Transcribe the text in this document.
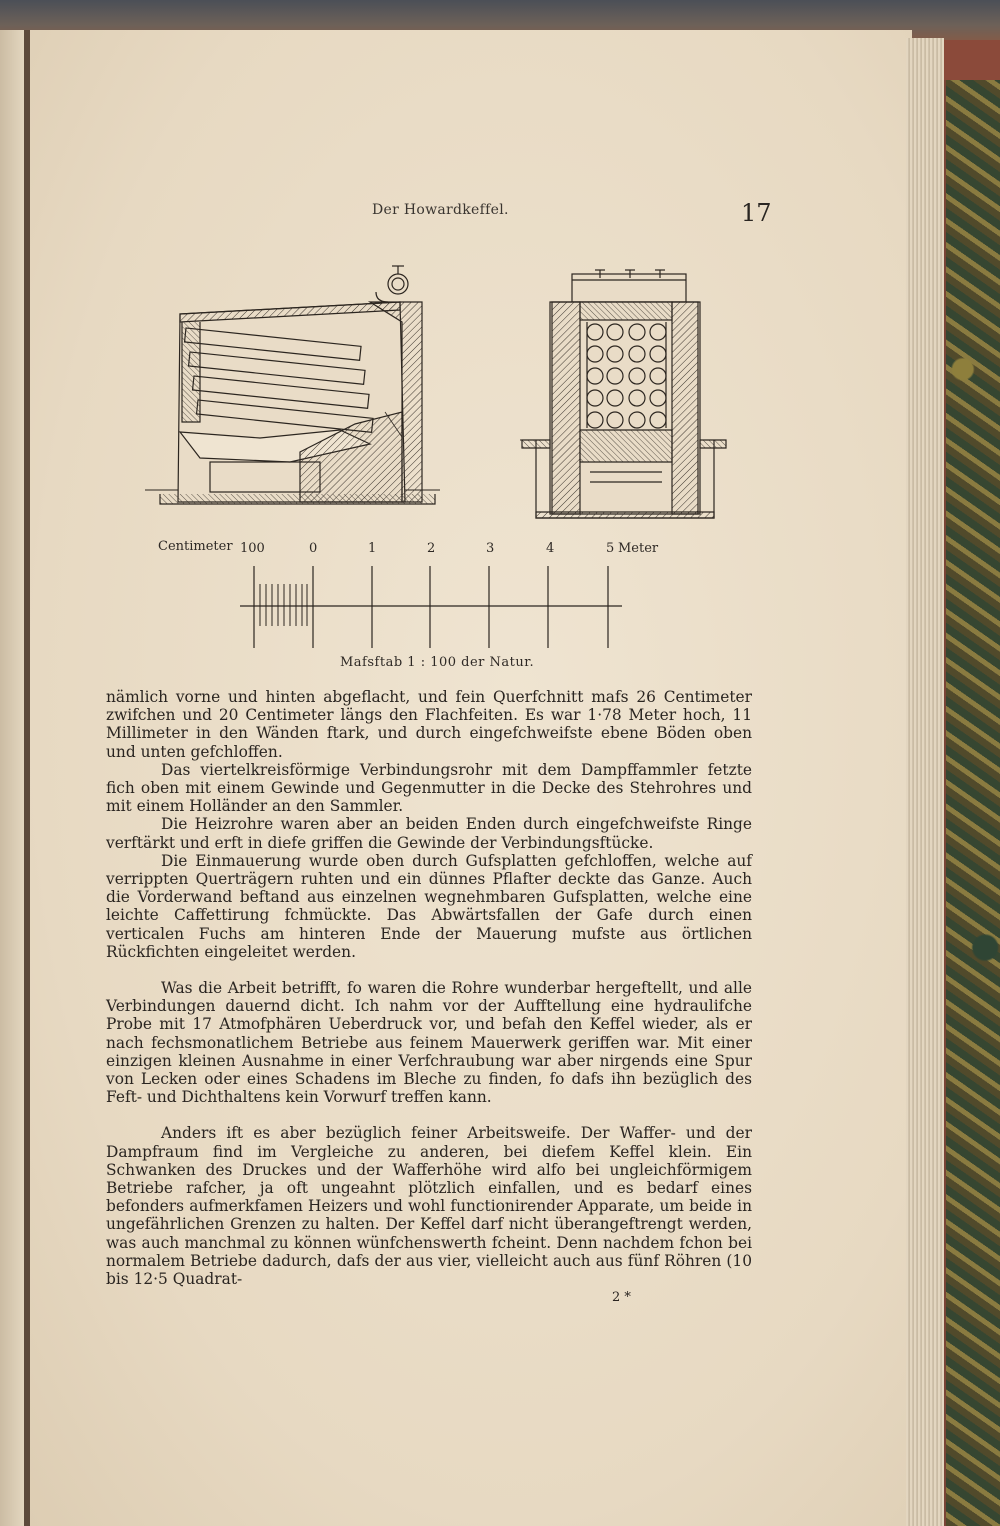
Der Howardkeffel.	17
Centimeter 100	0	1	2	3	4	5 Meter
Mafsftab 1 : 100 der Natur.

nämlich vorne und hinten abgeflacht, und fein Querfchnitt mafs 26 Centimeter zwifchen und 20 Centimeter längs den Flachfeiten. Es war 1·78 Meter hoch, 11 Millimeter in den Wänden ftark, und durch eingefchweifste ebene Böden oben und unten gefchloffen.

Das viertelkreisförmige Verbindungsrohr mit dem Dampffammler fetzte fich oben mit einem Gewinde und Gegenmutter in die Decke des Stehrohres und mit einem Holländer an den Sammler.

Die Heizrohre waren aber an beiden Enden durch eingefchweifste Ringe verftärkt und erft in diefe griffen die Gewinde der Verbindungsftücke.

Die Einmauerung wurde oben durch Gufsplatten gefchloffen, welche auf verrippten Querträgern ruhten und ein dünnes Pflafter deckte das Ganze. Auch die Vorderwand beftand aus einzelnen wegnehmbaren Gufsplatten, welche eine leichte Caffettirung fchmückte. Das Abwärtsfallen der Gafe durch einen verticalen Fuchs am hinteren Ende der Mauerung mufste aus örtlichen Rückfichten eingeleitet werden.

Was die Arbeit betrifft, fo waren die Rohre wunderbar hergeftellt, und alle Verbindungen dauernd dicht. Ich nahm vor der Aufftellung eine hydraulifche Probe mit 17 Atmofphären Ueberdruck vor, und befah den Keffel wieder, als er nach fechsmonatlichem Betriebe aus feinem Mauerwerk geriffen war. Mit einer einzigen kleinen Ausnahme in einer Verfchraubung war aber nirgends eine Spur von Lecken oder eines Schadens im Bleche zu finden, fo dafs ihn bezüglich des Feft- und Dichthaltens kein Vorwurf treffen kann.

Anders ift es aber bezüglich feiner Arbeitsweife. Der Waffer- und der Dampfraum find im Vergleiche zu anderen, bei diefem Keffel klein. Ein Schwanken des Druckes und der Wafferhöhe wird alfo bei ungleichförmigem Betriebe rafcher, ja oft ungeahnt plötzlich einfallen, und es bedarf eines befonders aufmerkfamen Heizers und wohl functionirender Apparate, um beide in ungefährlichen Grenzen zu halten. Der Keffel darf nicht überangeftrengt werden, was auch manchmal zu können wünfchenswerth fcheint. Denn nachdem fchon bei normalem Betriebe dadurch, dafs der aus vier, vielleicht auch aus fünf Röhren (10 bis 12·5 Quadrat-

2 *
